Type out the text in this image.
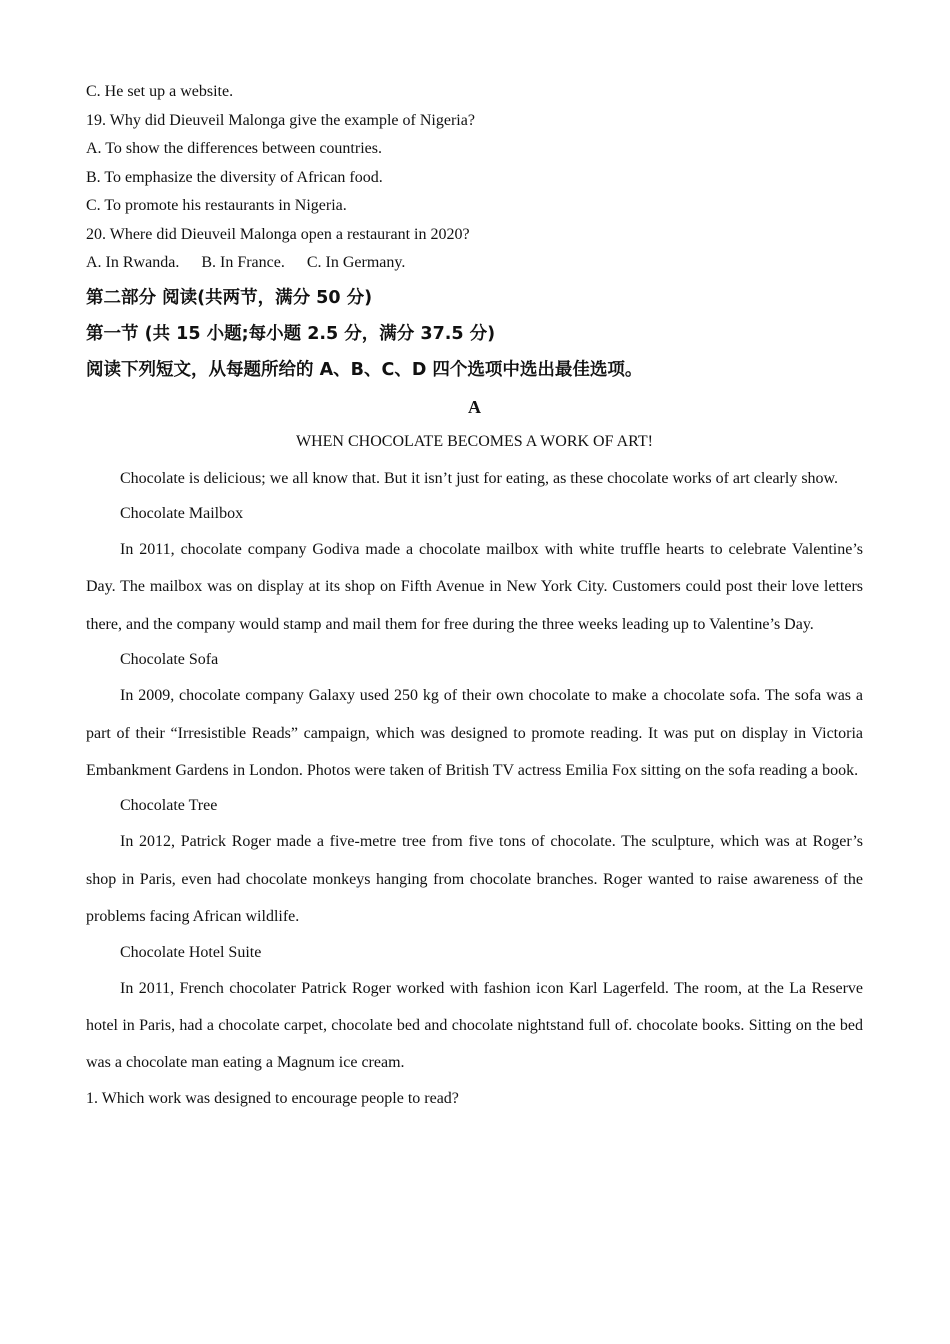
C. He set up a website.
19. Why did Dieuveil Malonga give the example of Nigeria?
A. To show the differences between countries.
B. To emphasize the diversity of African food.
C. To promote his restaurants in Nigeria.
20. Where did Dieuveil Malonga open a restaurant in 2020?
A. In Rwanda. B. In France. C. In Germany.
第二部分 阅读(共两节，满分 50 分)
第一节 (共 15 小题;每小题 2.5 分，满分 37.5 分)
阅读下列短文，从每题所给的 A、B、C、D 四个选项中选出最佳选项。
A
WHEN CHOCOLATE BECOMES A WORK OF ART!

Chocolate is delicious; we all know that. But it isn’t just for eating, as these chocolate works of art clearly show.

Chocolate Mailbox

In 2011, chocolate company Godiva made a chocolate mailbox with white truffle hearts to celebrate Valentine’s Day. The mailbox was on display at its shop on Fifth Avenue in New York City. Customers could post their love letters there, and the company would stamp and mail them for free during the three weeks leading up to Valentine’s Day.

Chocolate Sofa

In 2009, chocolate company Galaxy used 250 kg of their own chocolate to make a chocolate sofa. The sofa was a part of their “Irresistible Reads” campaign, which was designed to promote reading. It was put on display in Victoria Embankment Gardens in London. Photos were taken of British TV actress Emilia Fox sitting on the sofa reading a book.

Chocolate Tree

In 2012, Patrick Roger made a five-metre tree from five tons of chocolate. The sculpture, which was at Roger’s shop in Paris, even had chocolate monkeys hanging from chocolate branches. Roger wanted to raise awareness of the problems facing African wildlife.

Chocolate Hotel Suite

In 2011, French chocolater Patrick Roger worked with fashion icon Karl Lagerfeld. The room, at the La Reserve hotel in Paris, had a chocolate carpet, chocolate bed and chocolate nightstand full of. chocolate books. Sitting on the bed was a chocolate man eating a Magnum ice cream.

1. Which work was designed to encourage people to read?
